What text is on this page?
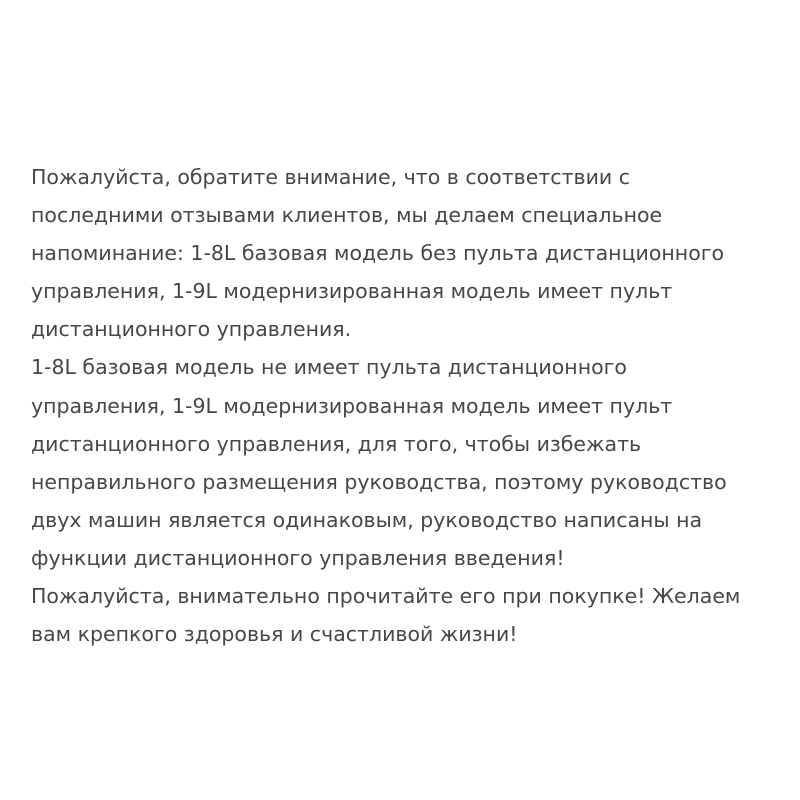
Пожалуйста, обратите внимание, что в соответствии с
последними отзывами клиентов, мы делаем специальное
напоминание: 1-8L базовая модель без пульта дистанционного
управления, 1-9L модернизированная модель имеет пульт
дистанционного управления.
1-8L базовая модель не имеет пульта дистанционного
управления, 1-9L модернизированная модель имеет пульт
дистанционного управления, для того, чтобы избежать
неправильного размещения руководства, поэтому руководство
двух машин является одинаковым, руководство написаны на
функции дистанционного управления введения!
Пожалуйста, внимательно прочитайте его при покупке! Желаем
вам крепкого здоровья и счастливой жизни!
